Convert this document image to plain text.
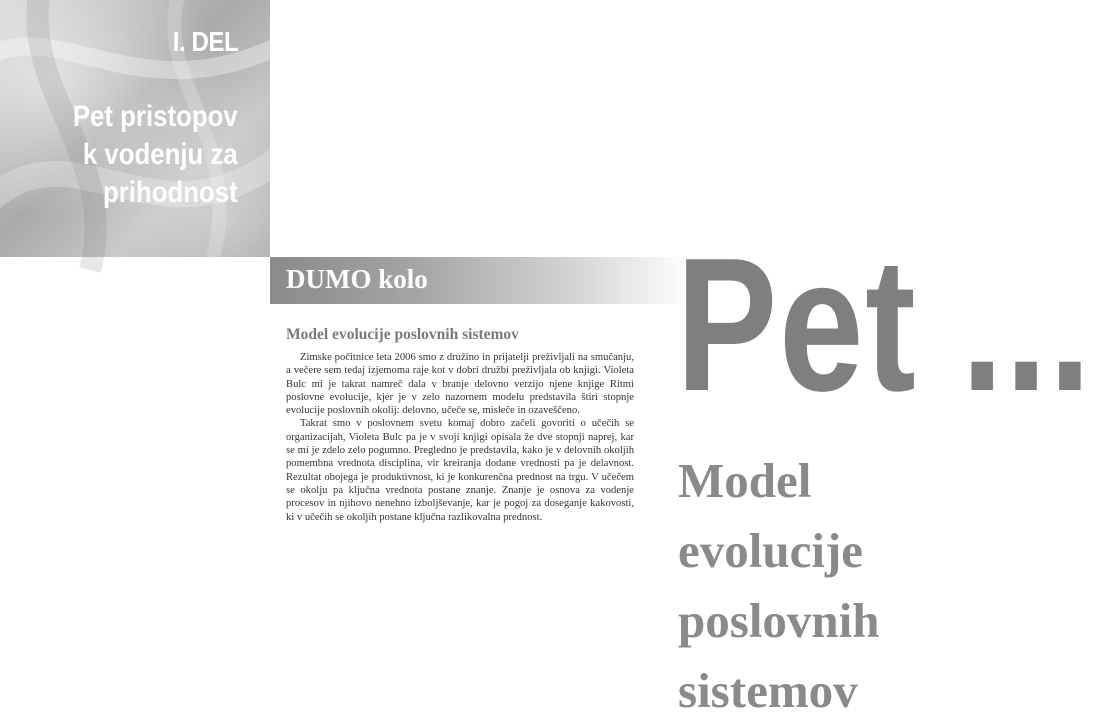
I. DEL
Pet pristopov
k vodenju za
prihodnost
DUMO kolo
Model evolucije poslovnih sistemov

Zimske počitnice leta 2006 smo z družino in prijatelji preživljali na smučanju, a večere sem tedaj izjemoma raje kot v dobri družbi preživljala ob knjigi. Violeta Bulc mi je takrat namreč dala v branje delovno verzijo njene knjige Ritmi poslovne evolucije, kjer je v zelo nazornem modelu predstavila štiri stopnje evolucije poslovnih okolij: delovno, učeče se, misleče in ozaveščeno.

Takrat smo v poslovnem svetu komaj dobro začeli govoriti o učečih se organizacijah, Violeta Bulc pa je v svoji knjigi opisala že dve stopnji naprej, kar se mi je zdelo zelo pogumno. Pregledno je predstavila, kako je v delovnih okoljih pomembna vrednota disciplina, vir kreiranja dodane vrednosti pa je delavnost. Rezultat obojega je produktivnost, ki je konkurenčna prednost na trgu. V učečem se okolju pa ključna vrednota postane znanje. Znanje je osnova za vodenje procesov in njihovo nenehno izboljševanje, kar je pogoj za doseganje kakovosti, ki v učečih se okoljih postane ključna razlikovalna prednost.

Pet ...
Model
evolucije
poslovnih
sistemov
